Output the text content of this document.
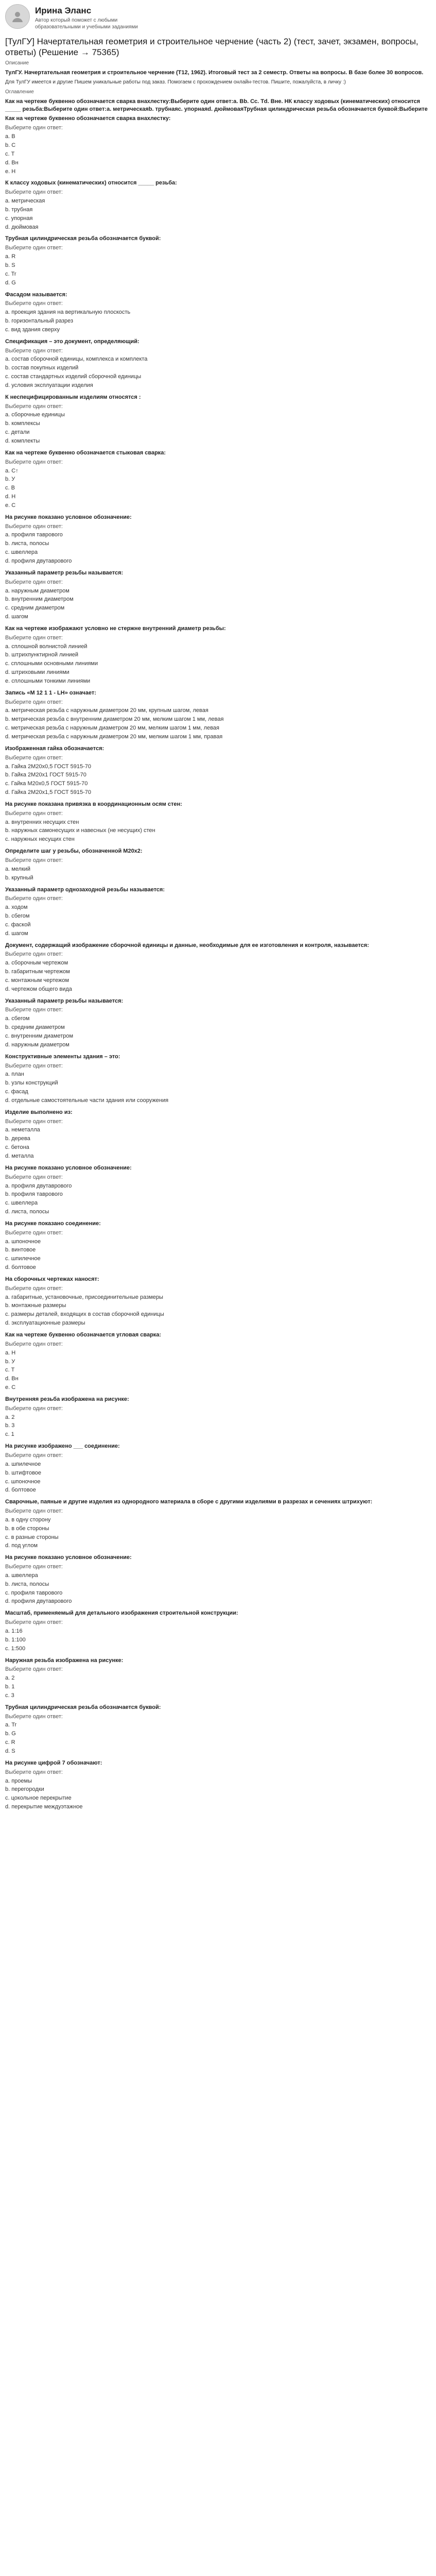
Ирина Эланс
Автор который поможет с любыми образовательными и учебными заданиями
[ТулГУ] Начертательная геометрия и строительное черчение (часть 2) (тест, зачет, экзамен, вопросы, ответы) (Решение → 75365)
Описание
ТулГУ. Начертательная геометрия и строительное черчение (Т12, 1962). Итоговый тест за 2 семестр. Ответы на вопросы. В базе более 30 вопросов.
Для ТулГУ имеется и другие Пишем уникальные работы под заказ. Помогаем с прохождением онлайн-тестов. Пишите, пожалуйста, в личку :)
Оглавление
Как на чертеже буквенно обозначается сварка внахлестку:Выберите один ответ:а. Вb. Сс. Тd. Вне. НК классу ходовых (кинематических) относится _____ резьба:Выберите один ответ:а. метрическаяb. трубнаяс. упорнаяd. дюймоваяТрубная цилиндрическая резьба обозначается буквой:Выберите
Как на чертеже буквенно обозначается сварка внахлестку:
Выберите один ответ:
а. В
b. С
с. Т
d. Вн
е. Н
К классу ходовых (кинематических) относится _____ резьба:
Выберите один ответ:
а. метрическая
b. трубная
с. упорная
d. дюймовая
Трубная цилиндрическая резьба обозначается буквой:
Выберите один ответ:
а. R
b. S
с. Tr
d. G
Фасадом называется:
Выберите один ответ:
а. проекция здания на вертикальную плоскость
b. горизонтальный разрез
с. вид здания сверху
Спецификация – это документ, определяющий:
Выберите один ответ:
а. состав сборочной единицы, комплекса и комплекта
b. состав покупных изделий
с. состав стандартных изделий сборочной единицы
d. условия эксплуатации изделия
К неспецифицированным изделиям относятся :
Выберите один ответ:
а. сборочные единицы
b. комплексы
с. детали
d. комплекты
Как на чертеже буквенно обозначается стыковая сварка:
Выберите один ответ:
а. С↑
b. У
с. В
d. Н
е. С
На рисунке показано условное обозначение:
Выберите один ответ:
а. профиля таврового
b. листа, полосы
с. швеллера
d. профиля двутаврового
Указанный параметр резьбы называется:
Выберите один ответ:
а. наружным диаметром
b. внутренним диаметром
с. средним диаметром
d. шагом
Как на чертеже изображают условно не стержне внутренний диаметр резьбы:
Выберите один ответ:
а. сплошной волнистой линией
b. штрихпунктирной линией
с. сплошными основными линиями
d. штриховыми линиями
е. сплошными тонкими линиями
Запись «М 12 1 1 - LH» означает:
Выберите один ответ:
а. метрическая резьба с наружным диаметром 20 мм, крупным шагом, левая
b. метрическая резьба с внутренним диаметром 20 мм, мелким шагом 1 мм, левая
с. метрическая резьба с наружным диаметром 20 мм, мелким шагом 1 мм, левая
d. метрическая резьба с наружным диаметром 20 мм, мелким шагом 1 мм, правая
Изображенная гайка обозначается:
Выберите один ответ:
а. Гайка 2М20х0,5 ГОСТ 5915-70
b. Гайка 2М20х1 ГОСТ 5915-70
с. Гайка М20х0,5 ГОСТ 5915-70
d. Гайка 2М20х1,5 ГОСТ 5915-70
На рисунке показана привязка в координационным осям стен:
Выберите один ответ:
а. внутренних несущих стен
b. наружных самонесущих и навесных (не несущих) стен
с. наружных несущих стен
Определите шаг у резьбы, обозначенной М20х2:
Выберите один ответ:
а. мелкий
b. крупный
Указанный параметр однозаходной резьбы называется:
Выберите один ответ:
а. ходом
b. сбегом
с. фаской
d. шагом
Документ, содержащий изображение сборочной единицы и данные, необходимые для ее изготовления и контроля, называется:
Выберите один ответ:
а. сборочным чертежом
b. габаритным чертежом
с. монтажным чертежом
d. чертежом общего вида
Указанный параметр резьбы называется:
Выберите один ответ:
а. сбегом
b. средним диаметром
с. внутренним диаметром
d. наружным диаметром
Конструктивные элементы здания – это:
Выберите один ответ:
а. план
b. узлы конструкций
с. фасад
d. отдельные самостоятельные части здания или сооружения
Изделие выполнено из:
Выберите один ответ:
а. неметалла
b. дерева
с. бетона
d. металла
На рисунке показано условное обозначение:
Выберите один ответ:
а. профиля двутаврового
b. профиля таврового
с. швеллера
d. листа, полосы
На рисунке показано соединение:
Выберите один ответ:
а. шпоночное
b. винтовое
с. шпилечное
d. болтовое
На сборочных чертежах наносят:
Выберите один ответ:
а. габаритные, установочные, присоединительные размеры
b. монтажные размеры
с. размеры деталей, входящих в состав сборочной единицы
d. эксплуатационные размеры
Как на чертеже буквенно обозначается угловая сварка:
Выберите один ответ:
а. Н
b. У
с. Т
d. Вн
е. С
Внутренняя резьба изображена на рисунке:
Выберите один ответ:
а. 2
b. 3
с. 1
На рисунке изображено ___ соединение:
Выберите один ответ:
а. шпилечное
b. штифтовое
с. шпоночное
d. болтовое
Сварочные, паяные и другие изделия из однородного материала в сборе с другими изделиями в разрезах и сечениях штрихуют:
Выберите один ответ:
а. в одну сторону
b. в обе стороны
с. в разные стороны
d. под углом
На рисунке показано условное обозначение:
Выберите один ответ:
а. швеллера
b. листа, полосы
с. профиля таврового
d. профиля двутаврового
Масштаб, применяемый для детального изображения строительной конструкции:
Выберите один ответ:
а. 1:16
b. 1:100
с. 1:500
Наружная резьба изображена на рисунке:
Выберите один ответ:
а. 2
b. 1
с. 3
Трубная цилиндрическая резьба обозначается буквой:
Выберите один ответ:
а. Tr
b. G
с. R
d. S
На рисунке цифрой 7 обозначают:
Выберите один ответ:
а. проемы
b. перегородки
с. цокольное перекрытие
d. перекрытие междуэтажное
